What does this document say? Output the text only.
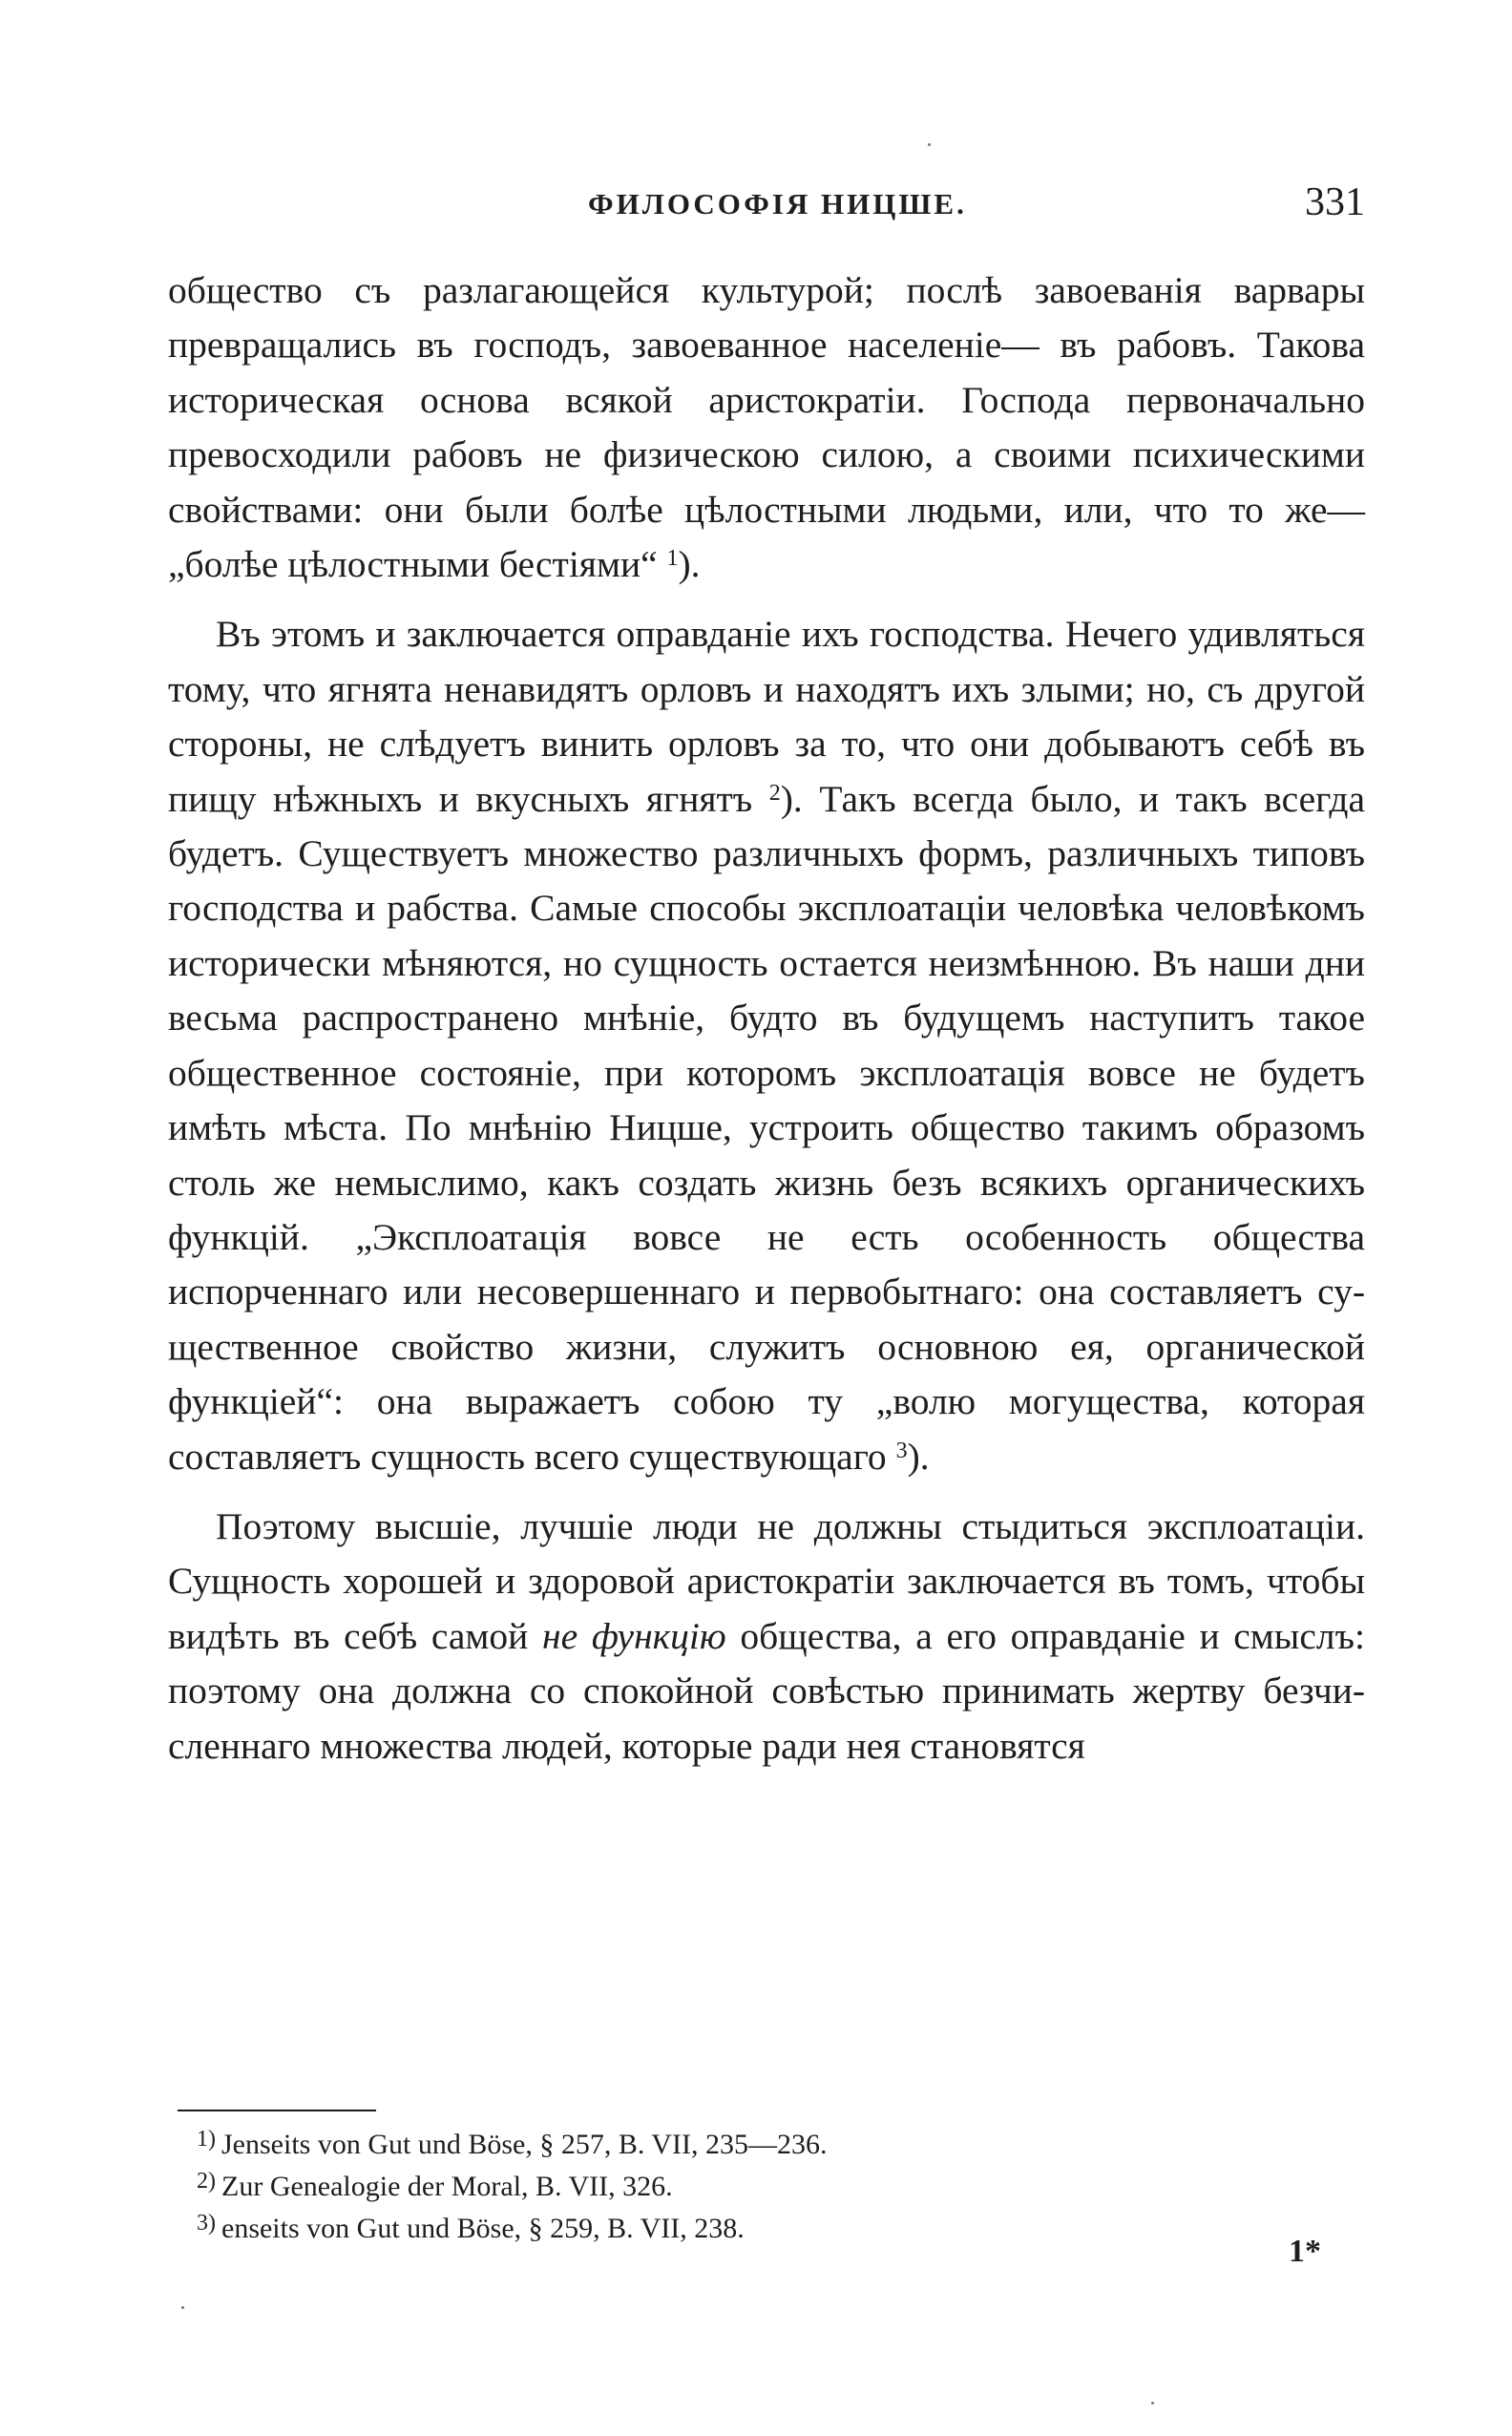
ФИЛОСОФІЯ НИЦШЕ.	331

общество съ разлагающейся культурой; послѣ завоеванія варвары превращались въ господъ, завоеванное населеніе— въ рабовъ. Такова историческая основа всякой аристократіи. Господа первоначально превосходили рабовъ не физическою силою, а своими психическими свойствами: они были болѣе цѣлостными людьми, или, что то же—„болѣе цѣлостными бестіями“ $^1$).

Въ этомъ и заключается оправданіе ихъ господства. Нечего удивляться тому, что ягнята ненавидятъ орловъ и находятъ ихъ злыми; но, съ другой стороны, не слѣдуетъ винить орловъ за то, что они добываютъ себѣ въ пищу нѣжныхъ и вкусныхъ ягнятъ $^2$). Такъ всегда было, и такъ всегда будетъ. Существуетъ множество различныхъ формъ, различныхъ типовъ господства и рабства. Самые способы эксплоатаціи человѣка человѣкомъ исторически мѣняются, но сущность остается неизмѣнною. Въ наши дни весьма распространено мнѣніе, будто въ будущемъ наступитъ такое общественное состояніе, при которомъ эксплоатація вовсе не будетъ имѣть мѣста. По мнѣнію Ницше, устроить общество такимъ образомъ столь же немыслимо, какъ создать жизнь безъ всякихъ органическихъ функцій. „Эксплоатація вовсе не есть особенность общества испорченнаго или несовершеннаго и первобытнаго: она составляетъ существенное свойство жизни, служитъ основною ея, органической функціей“: она выражаетъ собою ту „волю могущества, которая составляетъ сущность всего существующаго $^3$).

Поэтому высшіе, лучшіе люди не должны стыдиться эксплоатаціи. Сущность хорошей и здоровой аристократіи заключается въ томъ, чтобы видѣть въ себѣ самой не функцію общества, а его оправданіе и смыслъ: поэтому она должна со спокойной совѣстью принимать жертву безчисленнаго множества людей, которые ради нея становятся

$^{1)}$ Jenseits von Gut und Böse, § 257, B. VII, 235—236.
$^{2)}$ Zur Genealogie der Moral, B. VII, 326.
$^{3)}$ enseits von Gut und Böse, § 259, B. VII, 238.
1*
